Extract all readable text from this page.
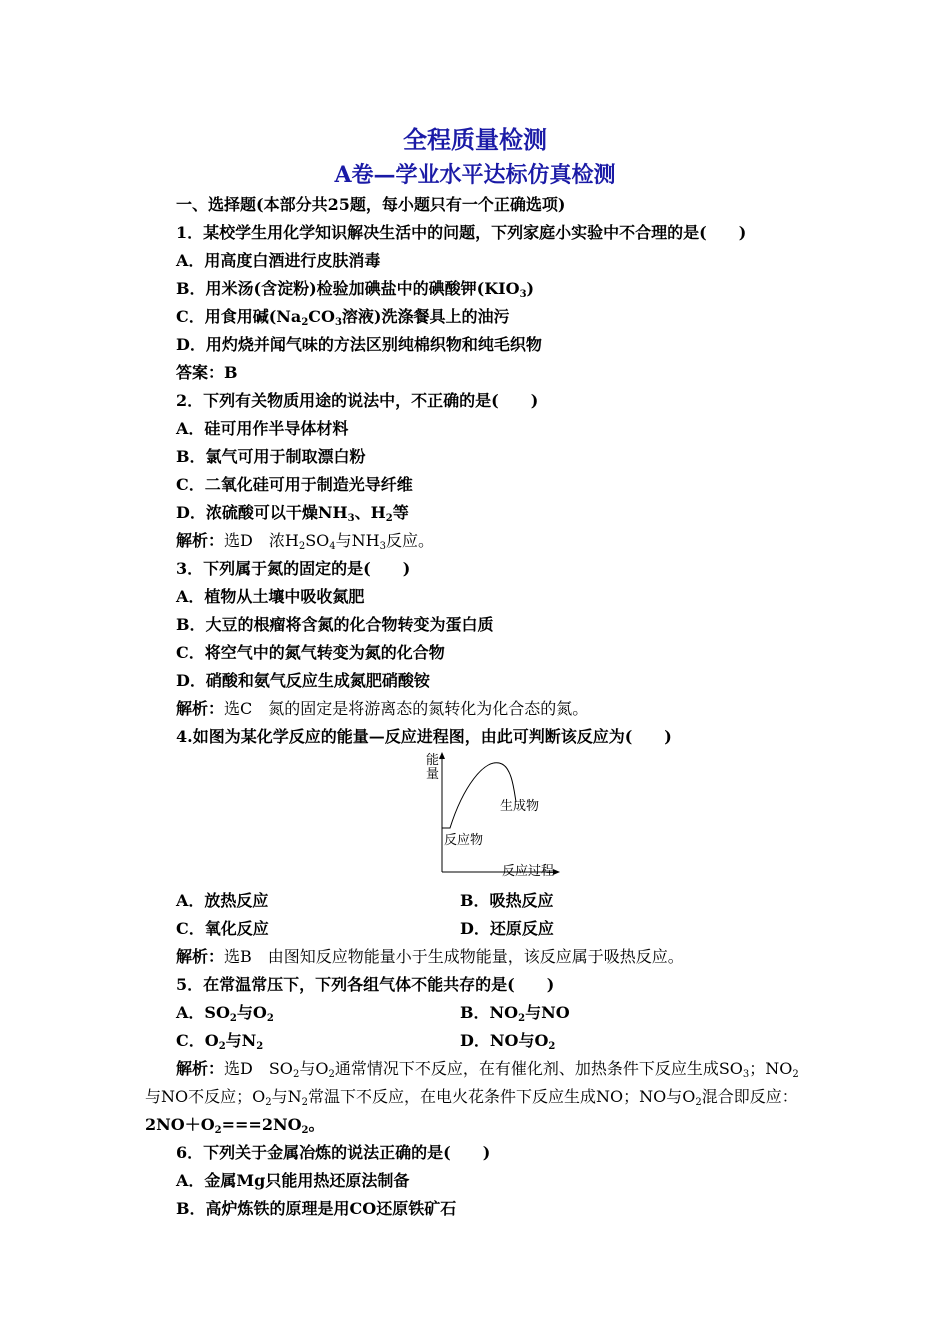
全程质量检测
A卷—学业水平达标仿真检测
一、选择题(本部分共25题，每小题只有一个正确选项)
1．某校学生用化学知识解决生活中的问题，下列家庭小实验中不合理的是(　　)
A．用高度白酒进行皮肤消毒
B．用米汤(含淀粉)检验加碘盐中的碘酸钾$(KIO_3)$
C．用食用碱($Na_2CO_3$溶液)洗涤餐具上的油污
D．用灼烧并闻气味的方法区别纯棉织物和纯毛织物
答案：B
2．下列有关物质用途的说法中，不正确的是(　　)
A．硅可用作半导体材料
B．氯气可用于制取漂白粉
C．二氧化硅可用于制造光导纤维
D．浓硫酸可以干燥$NH_3$、$H_2$等
解析：选D　浓$H_2SO_4$与$NH_3$反应。
3．下列属于氮的固定的是(　　)
A．植物从土壤中吸收氮肥
B．大豆的根瘤将含氮的化合物转变为蛋白质
C．将空气中的氮气转变为氮的化合物
D．硝酸和氨气反应生成氮肥硝酸铵
解析：选C　氮的固定是将游离态的氮转化为化合态的氮。
4.如图为某化学反应的能量—反应进程图，由此可判断该反应为(　　)
能
量
生成物
反应物
反应过程
A．放热反应	B．吸热反应
C．氧化反应	D．还原反应
解析：选B　由图知反应物能量小于生成物能量，该反应属于吸热反应。
5．在常温常压下，下列各组气体不能共存的是(　　)
A．$SO_2$与$O_2$	B．$NO_2$与NO
C．$O_2$与$N_2$	D．NO与$O_2$
解析：选D　$SO_2$与$O_2$通常情况下不反应，在有催化剂、加热条件下反应生成$SO_3$；$NO_2$
与NO不反应；$O_2$与$N_2$常温下不反应，在电火花条件下反应生成NO；NO与$O_2$混合即反应：
$2NO+O_2===2NO_2$。
6．下列关于金属冶炼的说法正确的是(　　)
A．金属Mg只能用热还原法制备
B．高炉炼铁的原理是用CO还原铁矿石
